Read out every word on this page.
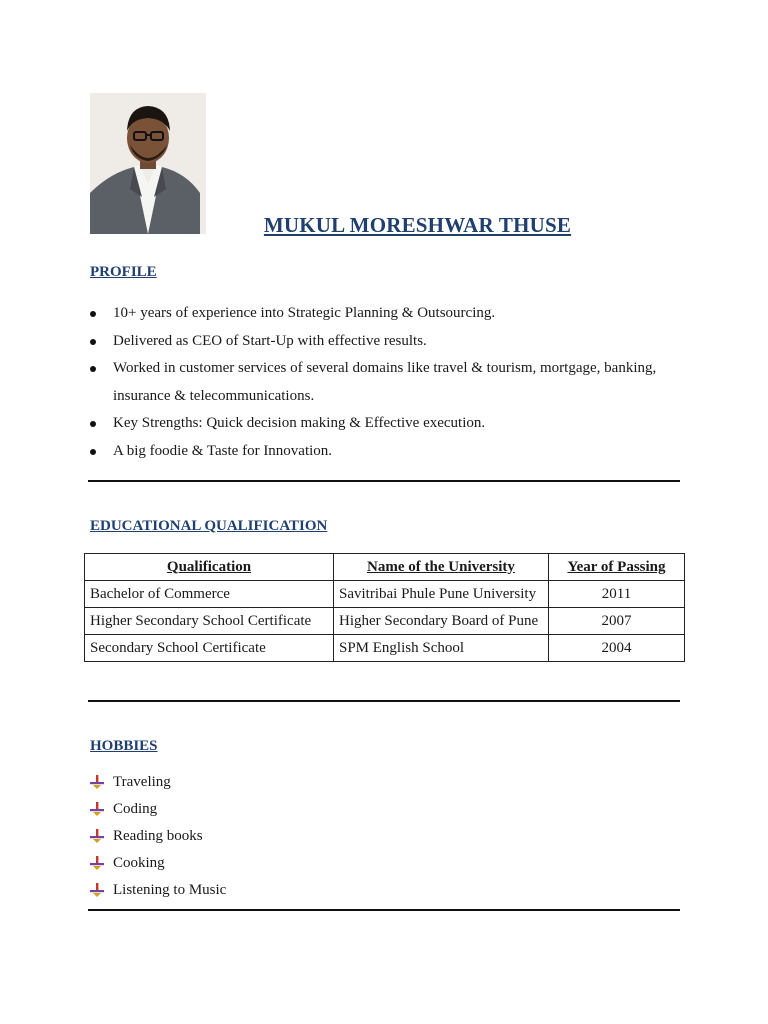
MUKUL MORESHWAR THUSE
PROFILE
10+ years of experience into Strategic Planning & Outsourcing.
Delivered as CEO of Start-Up with effective results.
Worked in customer services of several domains like travel & tourism, mortgage, banking, insurance & telecommunications.
Key Strengths: Quick decision making & Effective execution.
A big foodie & Taste for Innovation.
EDUCATIONAL QUALIFICATION
Qualification	Name of the University	Year of Passing
Bachelor of Commerce	Savitribai Phule Pune University	2011
Higher Secondary School Certificate	Higher Secondary Board of Pune	2007
Secondary School Certificate	SPM English School	2004
HOBBIES
Traveling
Coding
Reading books
Cooking
Listening to Music
